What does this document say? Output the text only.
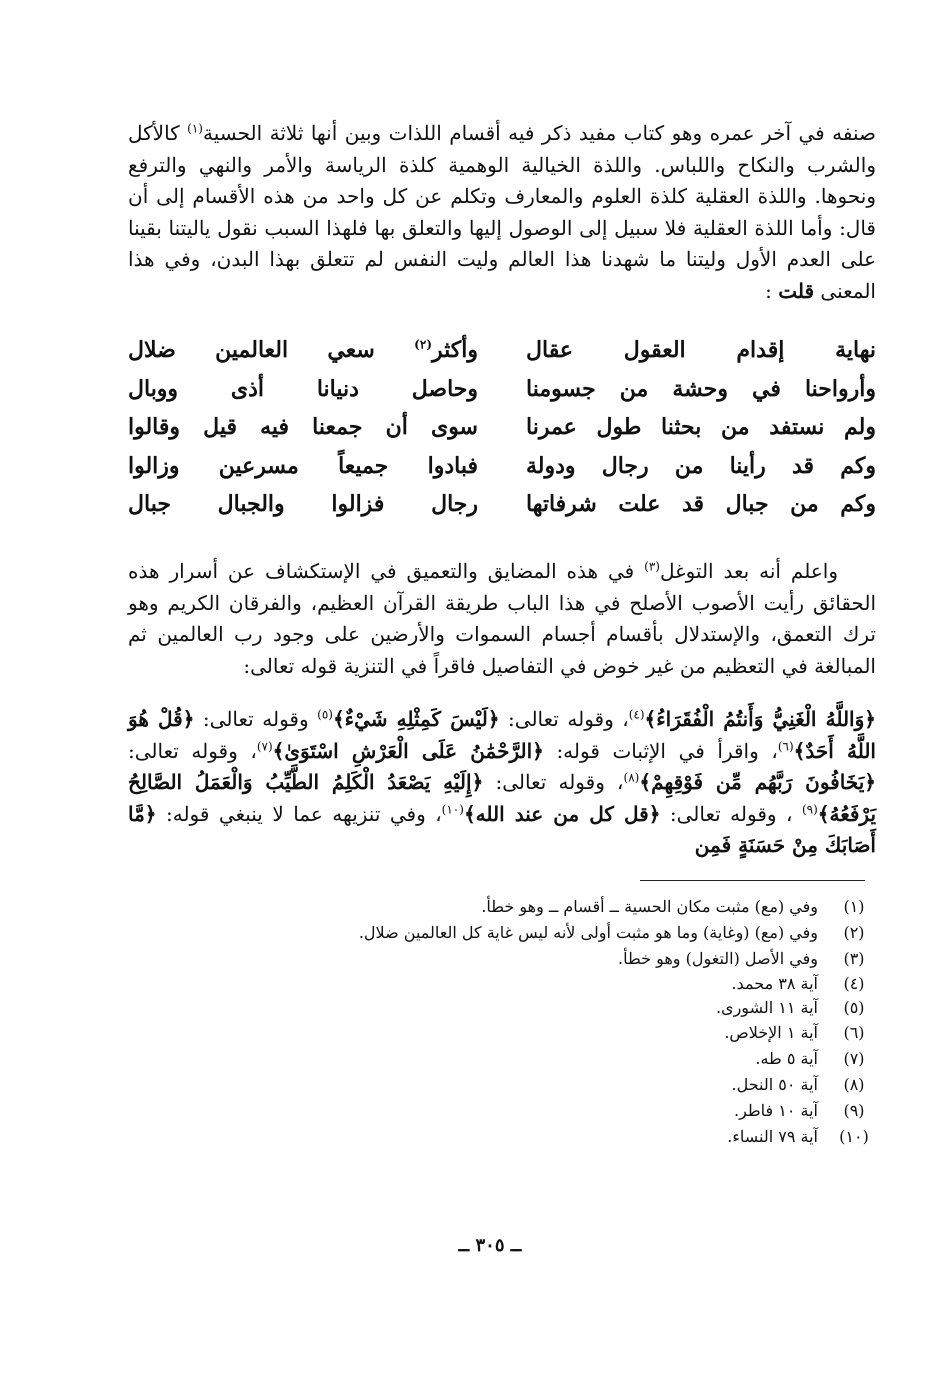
صنفه في آخر عمره وهو كتاب مفيد ذكر فيه أقسام اللذات وبين أنها ثلاثة الحسية$^{(١)}$ كالأكل والشرب والنكاح واللباس. واللذة الخيالية الوهمية كلذة الرياسة والأمر والنهي والترفع ونحوها. واللذة العقلية كلذة العلوم والمعارف وتكلم عن كل واحد من هذه الأقسام إلى أن قال: وأما اللذة العقلية فلا سبيل إلى الوصول إليها والتعلق بها فلهذا السبب نقول ياليتنا بقينا على العدم الأول وليتنا ما شهدنا هذا العالم وليت النفس لم تتعلق بهذا البدن، وفي هذا المعنى قلت :

نهاية إقدام العقول عقال
وأكثر$^{(٢)}$ سعي العالمين ضلال
وأرواحنا في وحشة من جسومنا
وحاصل دنيانا أذى ووبال
ولم نستفد من بحثنا طول عمرنا
سوى أن جمعنا فيه قيل وقالوا
وكم قد رأينا من رجال ودولة
فبادوا جميعاً مسرعين وزالوا
وكم من جبال قد علت شرفاتها
رجال فزالوا والجبال جبال

واعلم أنه بعد التوغل$^{(٣)}$ في هذه المضايق والتعميق في الإستكشاف عن أسرار هذه الحقائق رأيت الأصوب الأصلح في هذا الباب طريقة القرآن العظيم، والفرقان الكريم وهو ترك التعمق، والإستدلال بأقسام أجسام السموات والأرضين على وجود رب العالمين ثم المبالغة في التعظيم من غير خوض في التفاصيل فاقراً في التنزية قوله تعالى:

﴿وَاللَّهُ الْغَنِيُّ وَأَنتُمُ الْفُقَرَاءُ﴾$^{(٤)}$، وقوله تعالى: ﴿لَيْسَ كَمِثْلِهِ شَيْءٌ﴾$^{(٥)}$ وقوله تعالى: ﴿قُلْ هُوَ اللَّهُ أَحَدٌ﴾$^{(٦)}$، واقرأ في الإثبات قوله: ﴿الرَّحْمَٰنُ عَلَى الْعَرْشِ اسْتَوَىٰ﴾$^{(٧)}$، وقوله تعالى: ﴿يَخَافُونَ رَبَّهُم مِّن فَوْقِهِمْ﴾$^{(٨)}$، وقوله تعالى: ﴿إِلَيْهِ يَصْعَدُ الْكَلِمُ الطَّيِّبُ وَالْعَمَلُ الصَّالِحُ يَرْفَعُهُ﴾$^{(٩)}$ ، وقوله تعالى: ﴿قل كل من عند الله﴾$^{(١٠)}$، وفي تنزيهه عما لا ينبغي قوله: ﴿مَّا أَصَابَكَ مِنْ حَسَنَةٍ فَمِن

(١)
وفي (مع) مثبت مكان الحسية ــ أقسام ــ وهو خطأ.
(٢)
وفي (مع) (وغاية) وما هو مثبت أولى لأنه ليس غاية كل العالمين ضلال.
(٣)
وفي الأصل (التغول) وهو خطأ.
(٤)
آية ٣٨ محمد.
(٥)
آية ١١ الشورى.
(٦)
آية ١ الإخلاص.
(٧)
آية ٥ طه.
(٨)
آية ٥٠ النحل.
(٩)
آية ١٠ فاطر.
(١٠)
آية ٧٩ النساء.
ــ ٣٠٥ ــ
